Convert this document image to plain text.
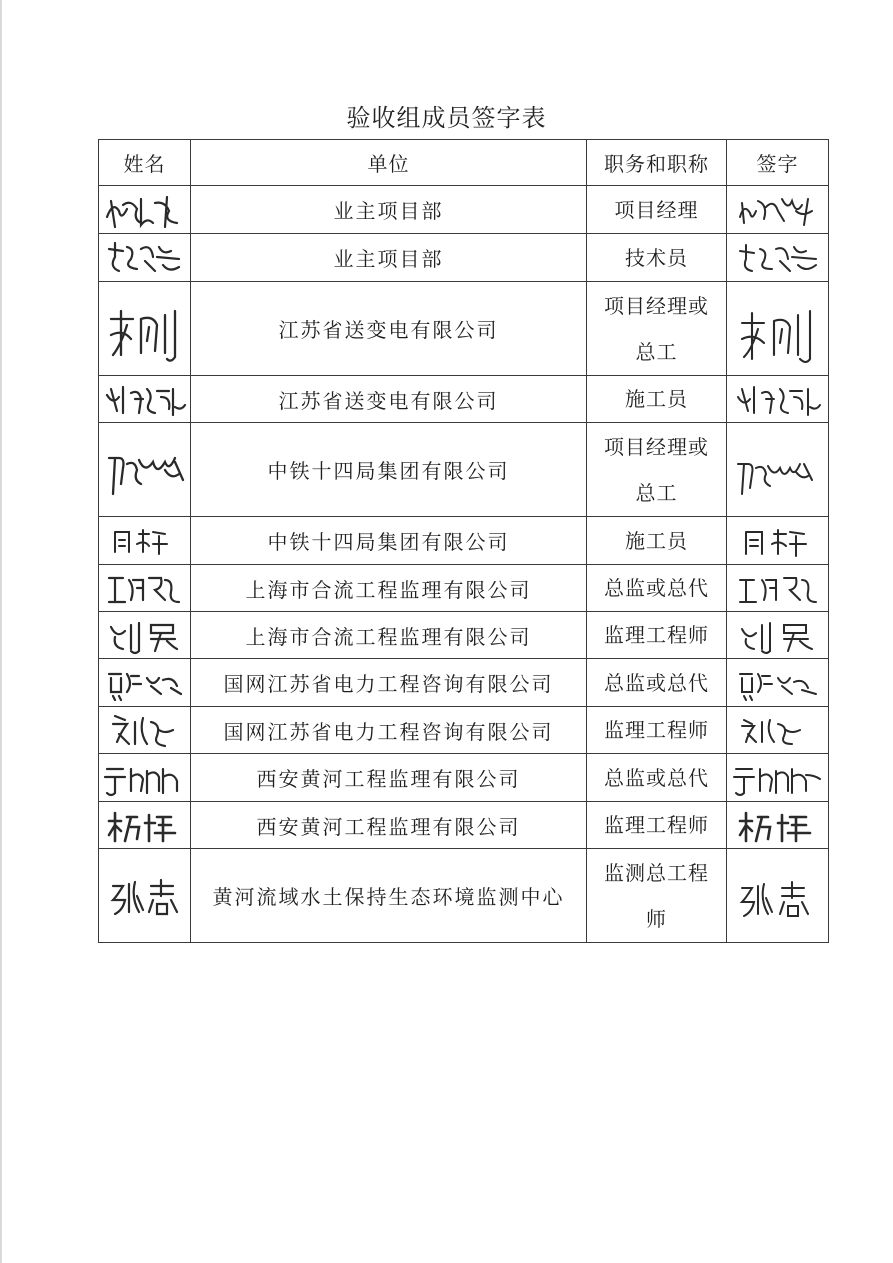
验收组成员签字表
姓名	单位	职务和职称	签字

	业主项目部	项目经理

	业主项目部	技术员

	江苏省送变电有限公司	项目经理或
总工

	江苏省送变电有限公司	施工员

	中铁十四局集团有限公司	项目经理或
总工

	中铁十四局集团有限公司	施工员

	上海市合流工程监理有限公司	总监或总代

	上海市合流工程监理有限公司	监理工程师

	国网江苏省电力工程咨询有限公司	总监或总代

	国网江苏省电力工程咨询有限公司	监理工程师

	西安黄河工程监理有限公司	总监或总代

	西安黄河工程监理有限公司	监理工程师

	黄河流域水土保持生态环境监测中心	监测总工程
师
